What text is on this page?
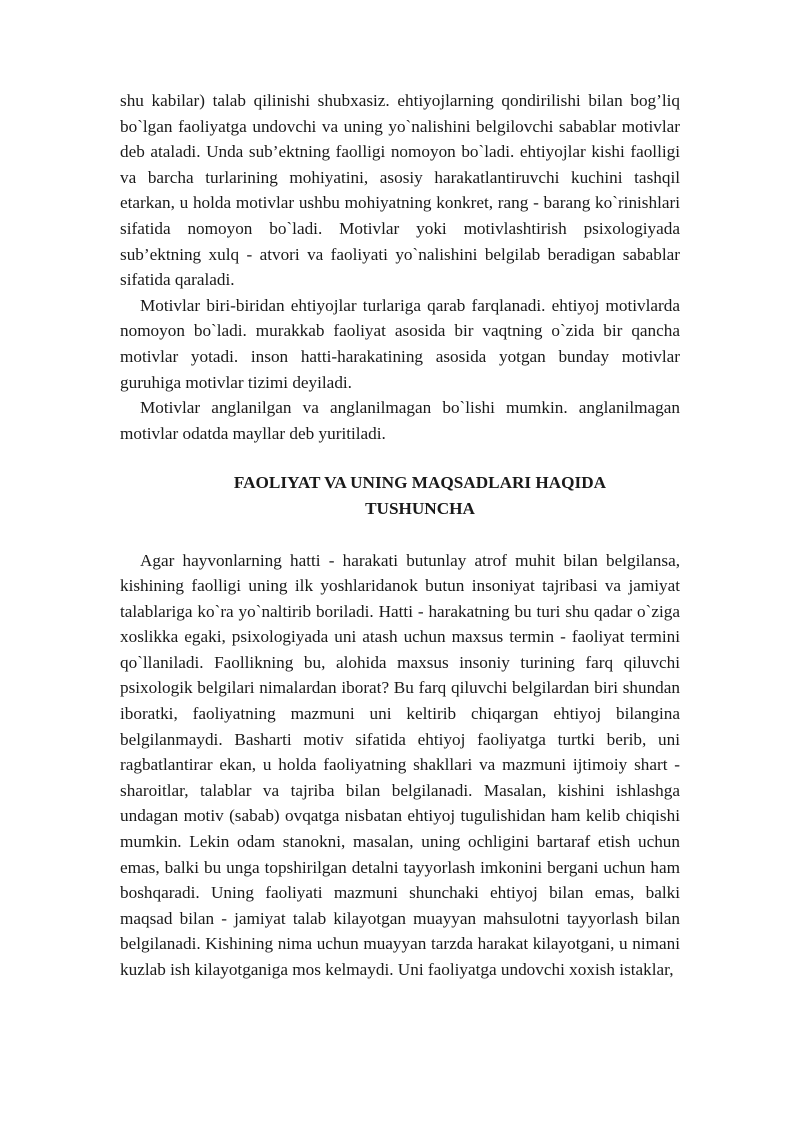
shu kabilar) talab qilinishi shubxasiz. ehtiyojlarning qondirilishi bilan bog’liq bo`lgan faoliyatga undovchi va uning yo`nalishini belgilovchi sabablar motivlar deb ataladi. Unda sub’ektning faolligi nomoyon bo`ladi. ehtiyojlar kishi faolligi va barcha turlarining mohiyatini, asosiy harakatlantiruvchi kuchini tashqil etarkan, u holda motivlar ushbu mohiyatning konkret, rang - barang ko`rinishlari sifatida nomoyon bo`ladi. Motivlar yoki motivlashtirish psixologiyada sub’ektning xulq - atvori va faoliyati yo`nalishini belgilab beradigan sabablar sifatida qaraladi.

Motivlar biri-biridan ehtiyojlar turlariga qarab farqlanadi. ehtiyoj motivlarda nomoyon bo`ladi. murakkab faoliyat asosida bir vaqtning o`zida bir qancha motivlar yotadi. inson hatti-harakatining asosida yotgan bunday motivlar guruhiga motivlar tizimi deyiladi.

Motivlar anglanilgan va anglanilmagan bo`lishi mumkin. anglanilmagan motivlar odatda mayllar deb yuritiladi.

FAOLIYAT VA UNING MAQSADLARI HAQIDA TUSHUNCHA

Agar hayvonlarning hatti - harakati butunlay atrof muhit bilan belgilansa, kishining faolligi uning ilk yoshlaridanok butun insoniyat tajribasi va jamiyat talablariga ko`ra yo`naltirib boriladi. Hatti - harakatning bu turi shu qadar o`ziga xoslikka egaki, psixologiyada uni atash uchun maxsus termin - faoliyat termini qo`llaniladi. Faollikning bu, alohida maxsus insoniy turining farq qiluvchi psixologik belgilari nimalardan iborat? Bu farq qiluvchi belgilardan biri shundan iboratki, faoliyatning mazmuni uni keltirib chiqargan ehtiyoj bilangina belgilanmaydi. Basharti motiv sifatida ehtiyoj faoliyatga turtki berib, uni ragbatlantirar ekan, u holda faoliyatning shakllari va mazmuni ijtimoiy shart - sharoitlar, talablar va tajriba bilan belgilanadi. Masalan, kishini ishlashga undagan motiv (sabab) ovqatga nisbatan ehtiyoj tugulishidan ham kelib chiqishi mumkin. Lekin odam stanokni, masalan, uning ochligini bartaraf etish uchun emas, balki bu unga topshirilgan detalni tayyorlash imkonini bergani uchun ham boshqaradi. Uning faoliyati mazmuni shunchaki ehtiyoj bilan emas, balki maqsad bilan - jamiyat talab kilayotgan muayyan mahsulotni tayyorlash bilan belgilanadi. Kishining nima uchun muayyan tarzda harakat kilayotgani, u nimani kuzlab ish kilayotganiga mos kelmaydi. Uni faoliyatga undovchi xoxish istaklar,
